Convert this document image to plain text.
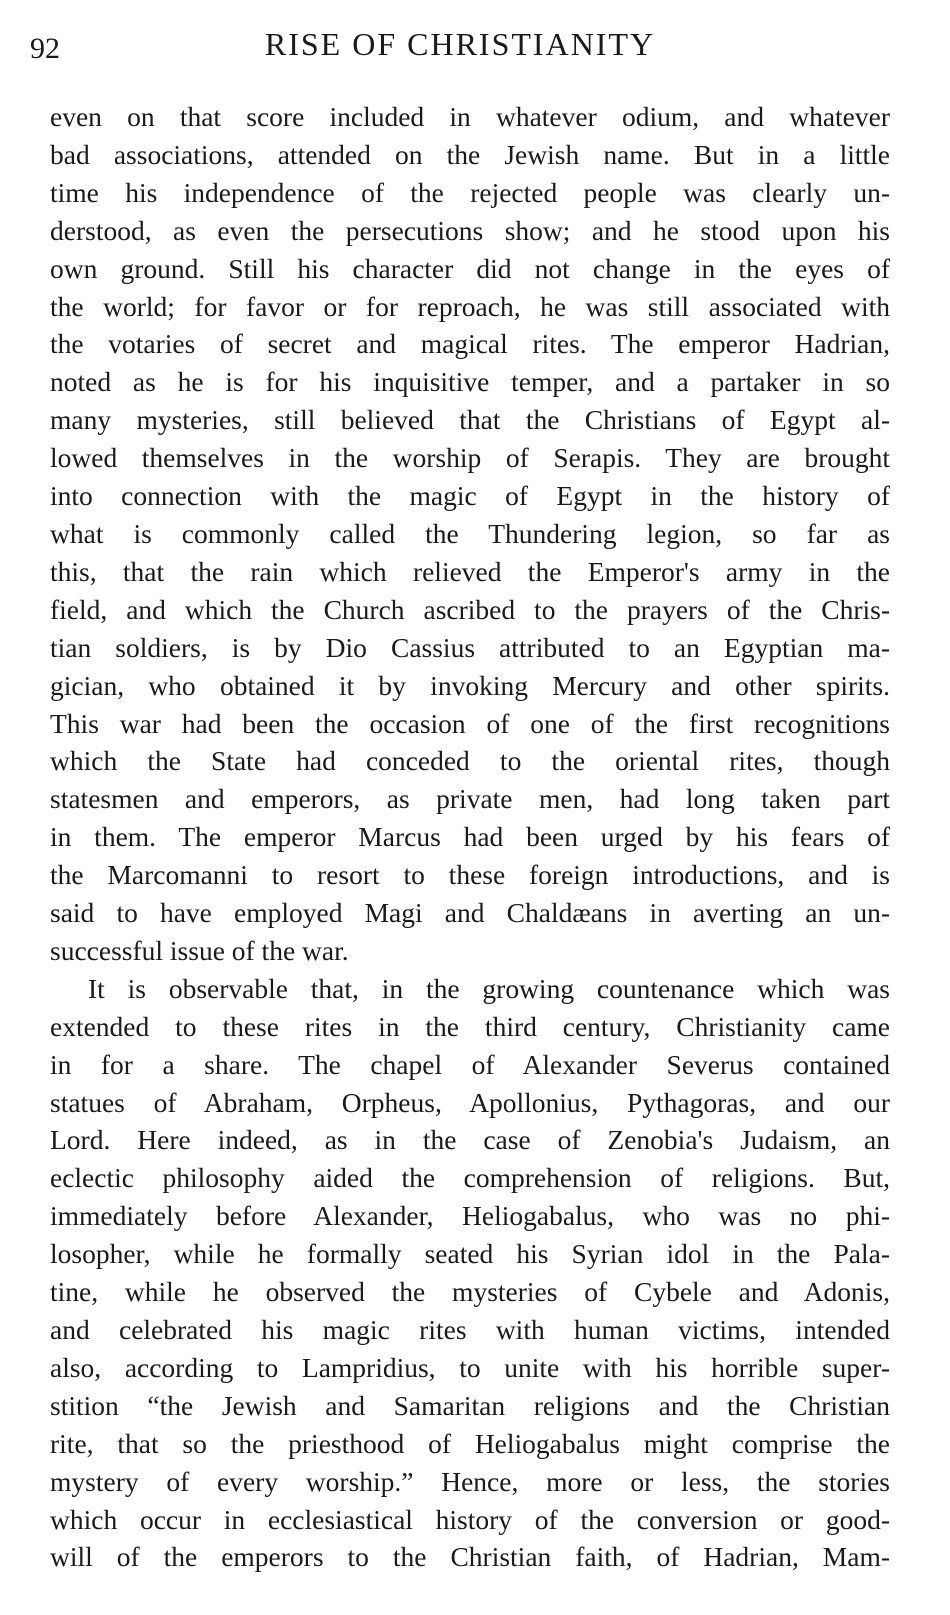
92	RISE OF CHRISTIANITY

even on that score included in whatever odium, and whatever
bad associations, attended on the Jewish name. But in a little
time his independence of the rejected people was clearly un-
derstood, as even the persecutions show; and he stood upon his
own ground. Still his character did not change in the eyes of
the world; for favor or for reproach, he was still associated with
the votaries of secret and magical rites. The emperor Hadrian,
noted as he is for his inquisitive temper, and a partaker in so
many mysteries, still believed that the Christians of Egypt al-
lowed themselves in the worship of Serapis. They are brought
into connection with the magic of Egypt in the history of
what is commonly called the Thundering legion, so far as
this, that the rain which relieved the Emperor's army in the
field, and which the Church ascribed to the prayers of the Chris-
tian soldiers, is by Dio Cassius attributed to an Egyptian ma-
gician, who obtained it by invoking Mercury and other spirits.
This war had been the occasion of one of the first recognitions
which the State had conceded to the oriental rites, though
statesmen and emperors, as private men, had long taken part
in them. The emperor Marcus had been urged by his fears of
the Marcomanni to resort to these foreign introductions, and is
said to have employed Magi and Chaldæans in averting an un-
successful issue of the war.

It is observable that, in the growing countenance which was
extended to these rites in the third century, Christianity came
in for a share. The chapel of Alexander Severus contained
statues of Abraham, Orpheus, Apollonius, Pythagoras, and our
Lord. Here indeed, as in the case of Zenobia's Judaism, an
eclectic philosophy aided the comprehension of religions. But,
immediately before Alexander, Heliogabalus, who was no phi-
losopher, while he formally seated his Syrian idol in the Pala-
tine, while he observed the mysteries of Cybele and Adonis,
and celebrated his magic rites with human victims, intended
also, according to Lampridius, to unite with his horrible super-
stition “the Jewish and Samaritan religions and the Christian
rite, that so the priesthood of Heliogabalus might comprise the
mystery of every worship.” Hence, more or less, the stories
which occur in ecclesiastical history of the conversion or good-
will of the emperors to the Christian faith, of Hadrian, Mam-
